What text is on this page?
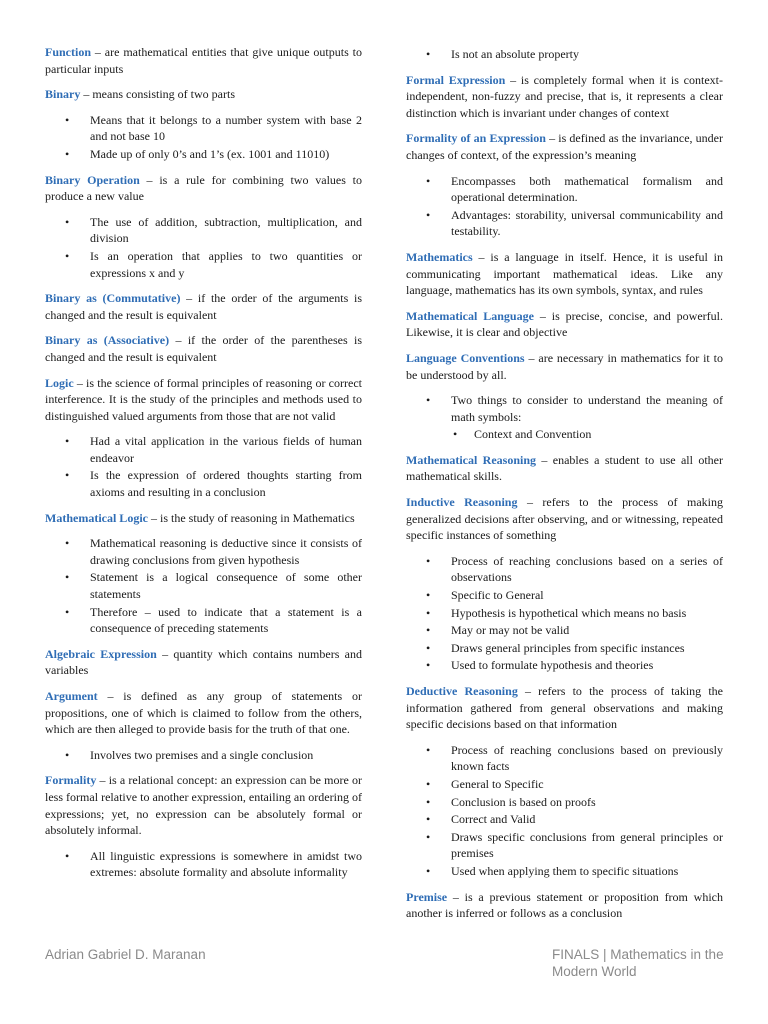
Function – are mathematical entities that give unique outputs to particular inputs

Binary – means consisting of two parts

• Means that it belongs to a number system with base 2 and not base 10
• Made up of only 0’s and 1’s (ex. 1001 and 11010)

Binary Operation – is a rule for combining two values to produce a new value

• The use of addition, subtraction, multiplication, and division
• Is an operation that applies to two quantities or expressions x and y

Binary as (Commutative) – if the order of the arguments is changed and the result is equivalent

Binary as (Associative) – if the order of the parentheses is changed and the result is equivalent

Logic – is the science of formal principles of reasoning or correct interference. It is the study of the principles and methods used to distinguished valued arguments from those that are not valid

• Had a vital application in the various fields of human endeavor
• Is the expression of ordered thoughts starting from axioms and resulting in a conclusion

Mathematical Logic – is the study of reasoning in Mathematics

• Mathematical reasoning is deductive since it consists of drawing conclusions from given hypothesis
• Statement is a logical consequence of some other statements
• Therefore – used to indicate that a statement is a consequence of preceding statements

Algebraic Expression – quantity which contains numbers and variables

Argument – is defined as any group of statements or propositions, one of which is claimed to follow from the others, which are then alleged to provide basis for the truth of that one.

• Involves two premises and a single conclusion

Formality – is a relational concept: an expression can be more or less formal relative to another expression, entailing an ordering of expressions; yet, no expression can be absolutely formal or absolutely informal.

• All linguistic expressions is somewhere in amidst two extremes: absolute formality and absolute informality
• Is not an absolute property

Formal Expression – is completely formal when it is context-independent, non-fuzzy and precise, that is, it represents a clear distinction which is invariant under changes of context

Formality of an Expression – is defined as the invariance, under changes of context, of the expression’s meaning

• Encompasses both mathematical formalism and operational determination.
• Advantages: storability, universal communicability and testability.

Mathematics – is a language in itself. Hence, it is useful in communicating important mathematical ideas. Like any language, mathematics has its own symbols, syntax, and rules

Mathematical Language – is precise, concise, and powerful. Likewise, it is clear and objective

Language Conventions – are necessary in mathematics for it to be understood by all.

• Two things to consider to understand the meaning of math symbols:
• Context and Convention

Mathematical Reasoning – enables a student to use all other mathematical skills.

Inductive Reasoning – refers to the process of making generalized decisions after observing, and or witnessing, repeated specific instances of something

• Process of reaching conclusions based on a series of observations
• Specific to General
• Hypothesis is hypothetical which means no basis
• May or may not be valid
• Draws general principles from specific instances
• Used to formulate hypothesis and theories

Deductive Reasoning – refers to the process of taking the information gathered from general observations and making specific decisions based on that information

• Process of reaching conclusions based on previously known facts
• General to Specific
• Conclusion is based on proofs
• Correct and Valid
• Draws specific conclusions from general principles or premises
• Used when applying them to specific situations

Premise – is a previous statement or proposition from which another is inferred or follows as a conclusion

Adrian Gabriel D. Maranan	FINALS | Mathematics in the Modern World
